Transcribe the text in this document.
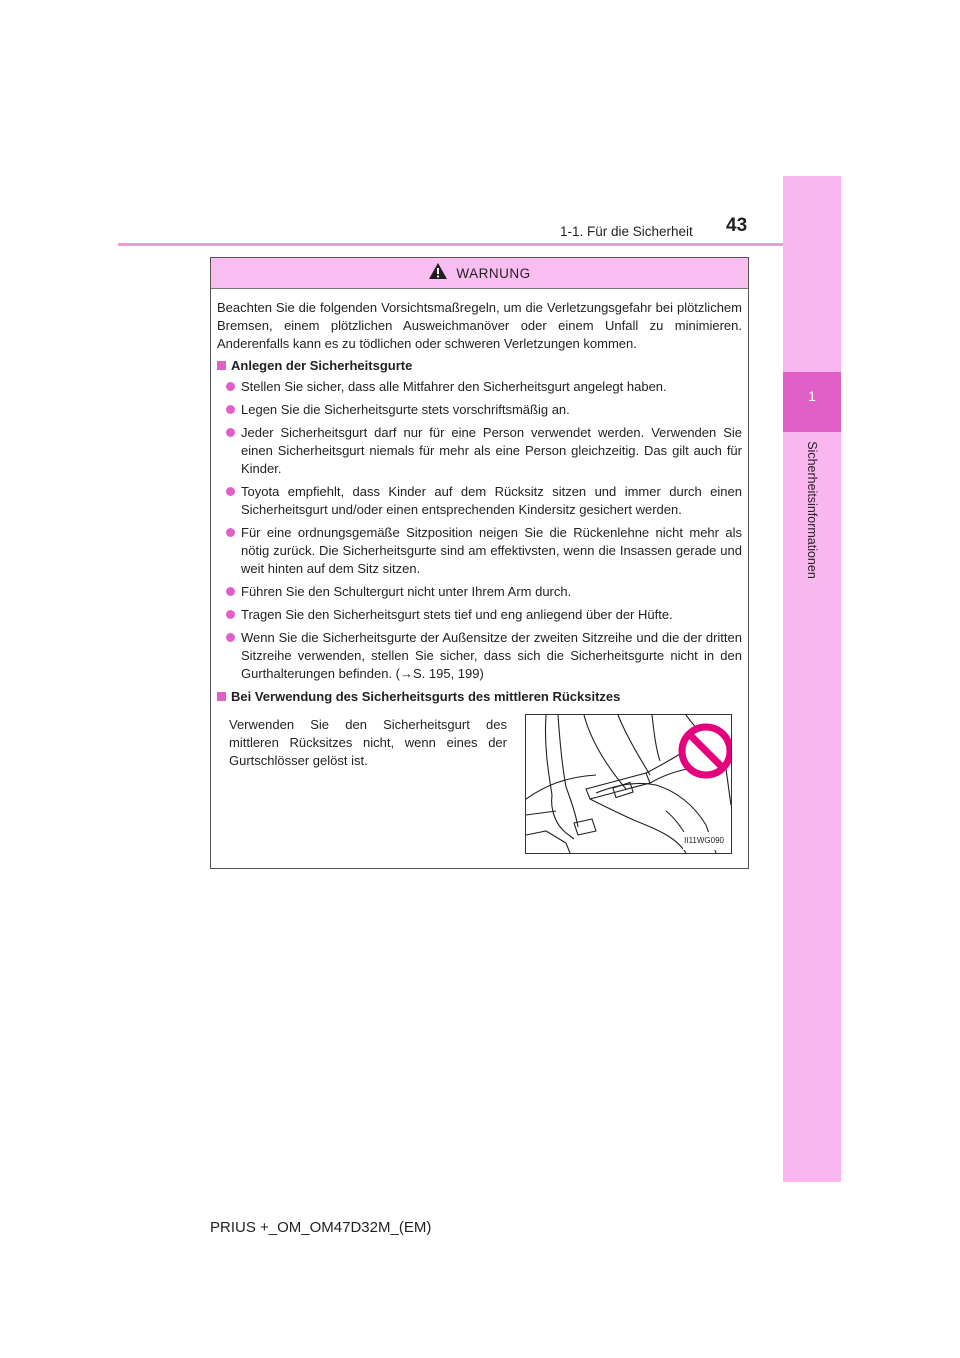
1
Sicherheitsinformationen
1-1. Für die Sicherheit 43
WARNUNG

Beachten Sie die folgenden Vorsichtsmaßregeln, um die Verletzungsgefahr bei plötzlichem Bremsen, einem plötzlichen Ausweichmanöver oder einem Unfall zu minimieren. Anderenfalls kann es zu tödlichen oder schweren Verletzungen kommen.

Anlegen der Sicherheitsgurte
Stellen Sie sicher, dass alle Mitfahrer den Sicherheitsgurt angelegt haben.
Legen Sie die Sicherheitsgurte stets vorschriftsmäßig an.
Jeder Sicherheitsgurt darf nur für eine Person verwendet werden. Verwenden Sie einen Sicherheitsgurt niemals für mehr als eine Person gleichzeitig. Das gilt auch für Kinder.
Toyota empfiehlt, dass Kinder auf dem Rücksitz sitzen und immer durch einen Sicherheitsgurt und/oder einen entsprechenden Kindersitz gesichert werden.
Für eine ordnungsgemäße Sitzposition neigen Sie die Rückenlehne nicht mehr als nötig zurück. Die Sicherheitsgurte sind am effektivsten, wenn die Insassen gerade und weit hinten auf dem Sitz sitzen.
Führen Sie den Schultergurt nicht unter Ihrem Arm durch.
Tragen Sie den Sicherheitsgurt stets tief und eng anliegend über der Hüfte.
Wenn Sie die Sicherheitsgurte der Außensitze der zweiten Sitzreihe und die der dritten Sitzreihe verwenden, stellen Sie sicher, dass sich die Sicherheitsgurte nicht in den Gurthalterungen befinden. (→S. 195, 199)
Bei Verwendung des Sicherheitsgurts des mittleren Rücksitzes
Verwenden Sie den Sicherheitsgurt des mittleren Rücksitzes nicht, wenn eines der Gurtschlösser gelöst ist.
II11WG090
PRIUS +_OM_OM47D32M_(EM)
